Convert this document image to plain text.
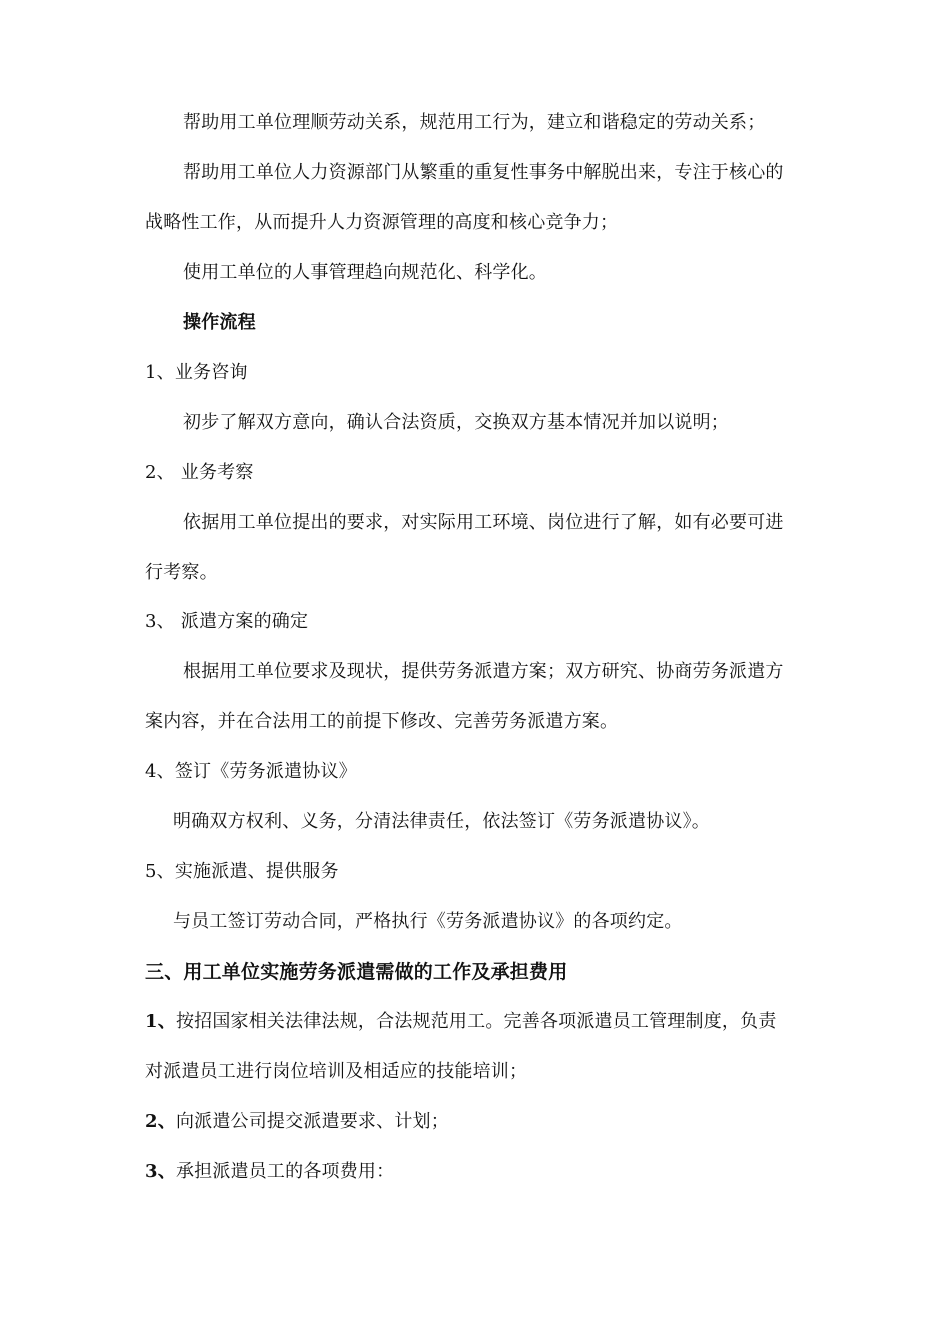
帮助用工单位理顺劳动关系，规范用工行为，建立和谐稳定的劳动关系；
帮助用工单位人力资源部门从繁重的重复性事务中解脱出来，专注于核心的
战略性工作，从而提升人力资源管理的高度和核心竞争力；
使用工单位的人事管理趋向规范化、科学化。
操作流程
1、业务咨询
初步了解双方意向，确认合法资质，交换双方基本情况并加以说明；
2、 业务考察
依据用工单位提出的要求，对实际用工环境、岗位进行了解，如有必要可进
行考察。
3、 派遣方案的确定
根据用工单位要求及现状，提供劳务派遣方案；双方研究、协商劳务派遣方
案内容，并在合法用工的前提下修改、完善劳务派遣方案。
4、签订《劳务派遣协议》
明确双方权利、义务，分清法律责任，依法签订《劳务派遣协议》。
5、实施派遣、提供服务
与员工签订劳动合同，严格执行《劳务派遣协议》的各项约定。
三、用工单位实施劳务派遣需做的工作及承担费用
1、按招国家相关法律法规，合法规范用工。完善各项派遣员工管理制度，负责
对派遣员工进行岗位培训及相适应的技能培训；
2、向派遣公司提交派遣要求、计划；
3、承担派遣员工的各项费用：
